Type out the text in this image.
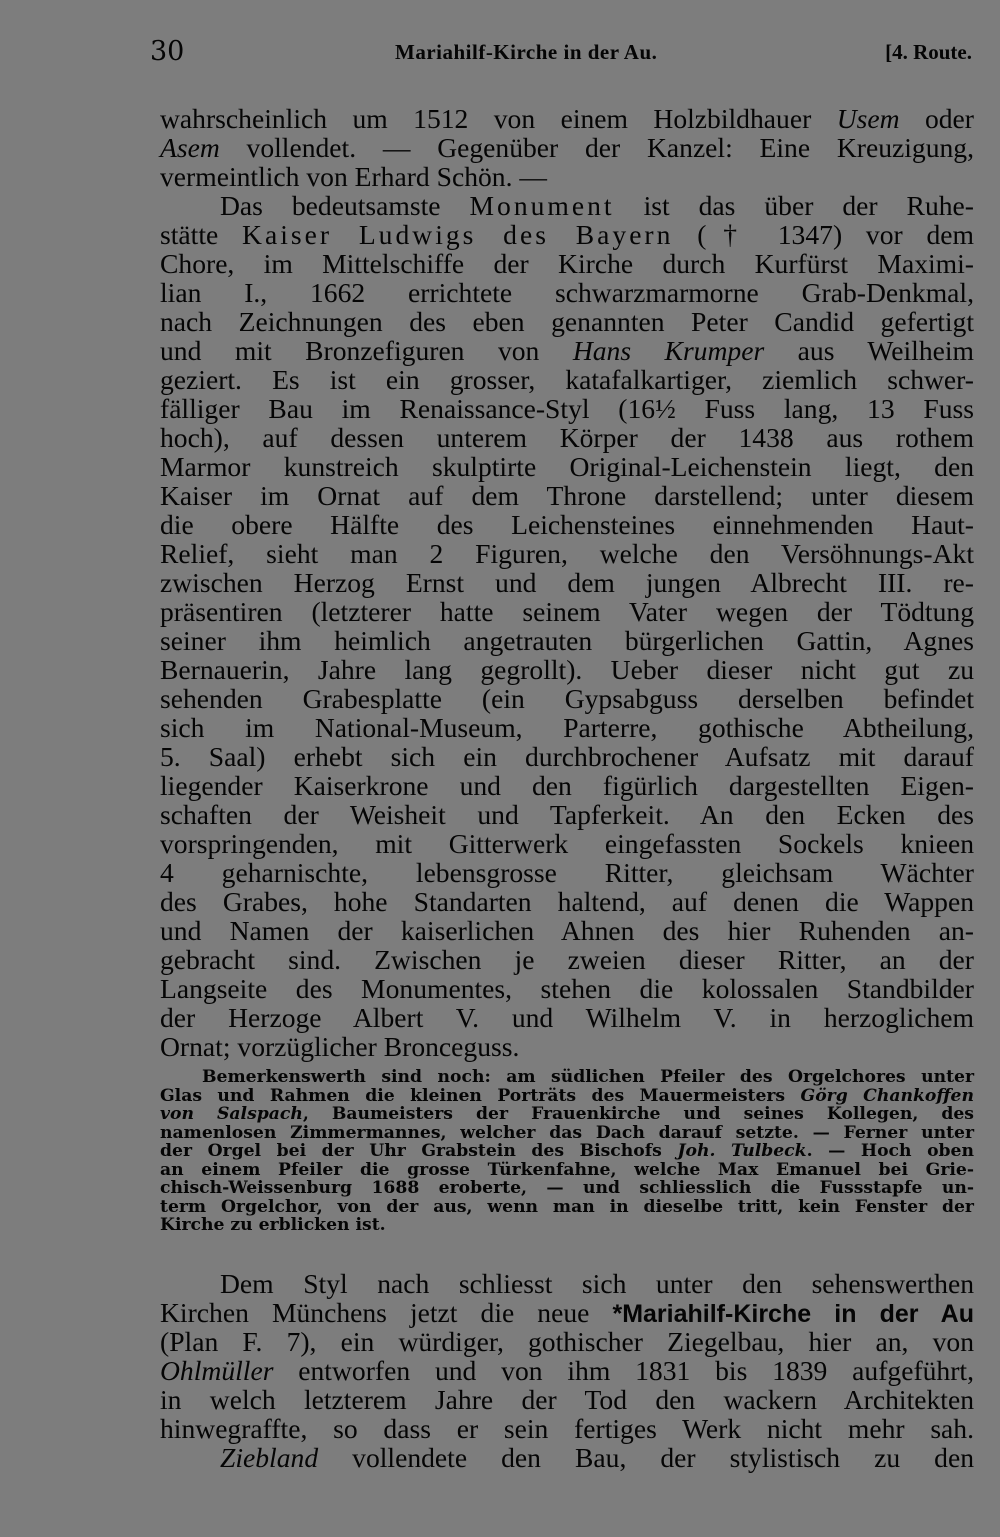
30	Mariahilf-Kirche in der Au.	[4. Route.
wahrscheinlich um 1512 von einem Holzbildhauer Usem oder
Asem vollendet. — Gegenüber der Kanzel: Eine Kreuzigung,
vermeintlich von Erhard Schön. —
Das bedeutsamste Monument ist das über der Ruhe-
stätte Kaiser Ludwigs des Bayern († 1347) vor dem
Chore, im Mittelschiffe der Kirche durch Kurfürst Maximi-
lian I., 1662 errichtete schwarzmarmorne Grab-Denkmal,
nach Zeichnungen des eben genannten Peter Candid gefertigt
und mit Bronzefiguren von Hans Krumper aus Weilheim
geziert. Es ist ein grosser, katafalkartiger, ziemlich schwer-
fälliger Bau im Renaissance-Styl (16½ Fuss lang, 13 Fuss
hoch), auf dessen unterem Körper der 1438 aus rothem
Marmor kunstreich skulptirte Original-Leichenstein liegt, den
Kaiser im Ornat auf dem Throne darstellend; unter diesem
die obere Hälfte des Leichensteines einnehmenden Haut-
Relief, sieht man 2 Figuren, welche den Versöhnungs-Akt
zwischen Herzog Ernst und dem jungen Albrecht III. re-
präsentiren (letzterer hatte seinem Vater wegen der Tödtung
seiner ihm heimlich angetrauten bürgerlichen Gattin, Agnes
Bernauerin, Jahre lang gegrollt). Ueber dieser nicht gut zu
sehenden Grabesplatte (ein Gypsabguss derselben befindet
sich im National-Museum, Parterre, gothische Abtheilung,
5. Saal) erhebt sich ein durchbrochener Aufsatz mit darauf
liegender Kaiserkrone und den figürlich dargestellten Eigen-
schaften der Weisheit und Tapferkeit. An den Ecken des
vorspringenden, mit Gitterwerk eingefassten Sockels knieen
4 geharnischte, lebensgrosse Ritter, gleichsam Wächter
des Grabes, hohe Standarten haltend, auf denen die Wappen
und Namen der kaiserlichen Ahnen des hier Ruhenden an-
gebracht sind. Zwischen je zweien dieser Ritter, an der
Langseite des Monumentes, stehen die kolossalen Standbilder
der Herzoge Albert V. und Wilhelm V. in herzoglichem
Ornat; vorzüglicher Bronceguss.
Bemerkenswerth sind noch: am südlichen Pfeiler des Orgelchores unter
Glas und Rahmen die kleinen Porträts des Mauermeisters Görg Chankoffen
von Salspach, Baumeisters der Frauenkirche und seines Kollegen, des
namenlosen Zimmermannes, welcher das Dach darauf setzte. — Ferner unter
der Orgel bei der Uhr Grabstein des Bischofs Joh. Tulbeck. — Hoch oben
an einem Pfeiler die grosse Türkenfahne, welche Max Emanuel bei Grie-
chisch-Weissenburg 1688 eroberte, — und schliesslich die Fussstapfe un-
term Orgelchor, von der aus, wenn man in dieselbe tritt, kein Fenster der
Kirche zu erblicken ist.
Dem Styl nach schliesst sich unter den sehenswerthen
Kirchen Münchens jetzt die neue *Mariahilf-Kirche in der Au
(Plan F. 7), ein würdiger, gothischer Ziegelbau, hier an, von
Ohlmüller entworfen und von ihm 1831 bis 1839 aufgeführt,
in welch letzterem Jahre der Tod den wackern Architekten
hinwegraffte, so dass er sein fertiges Werk nicht mehr sah.
Ziebland vollendete den Bau, der stylistisch zu den
